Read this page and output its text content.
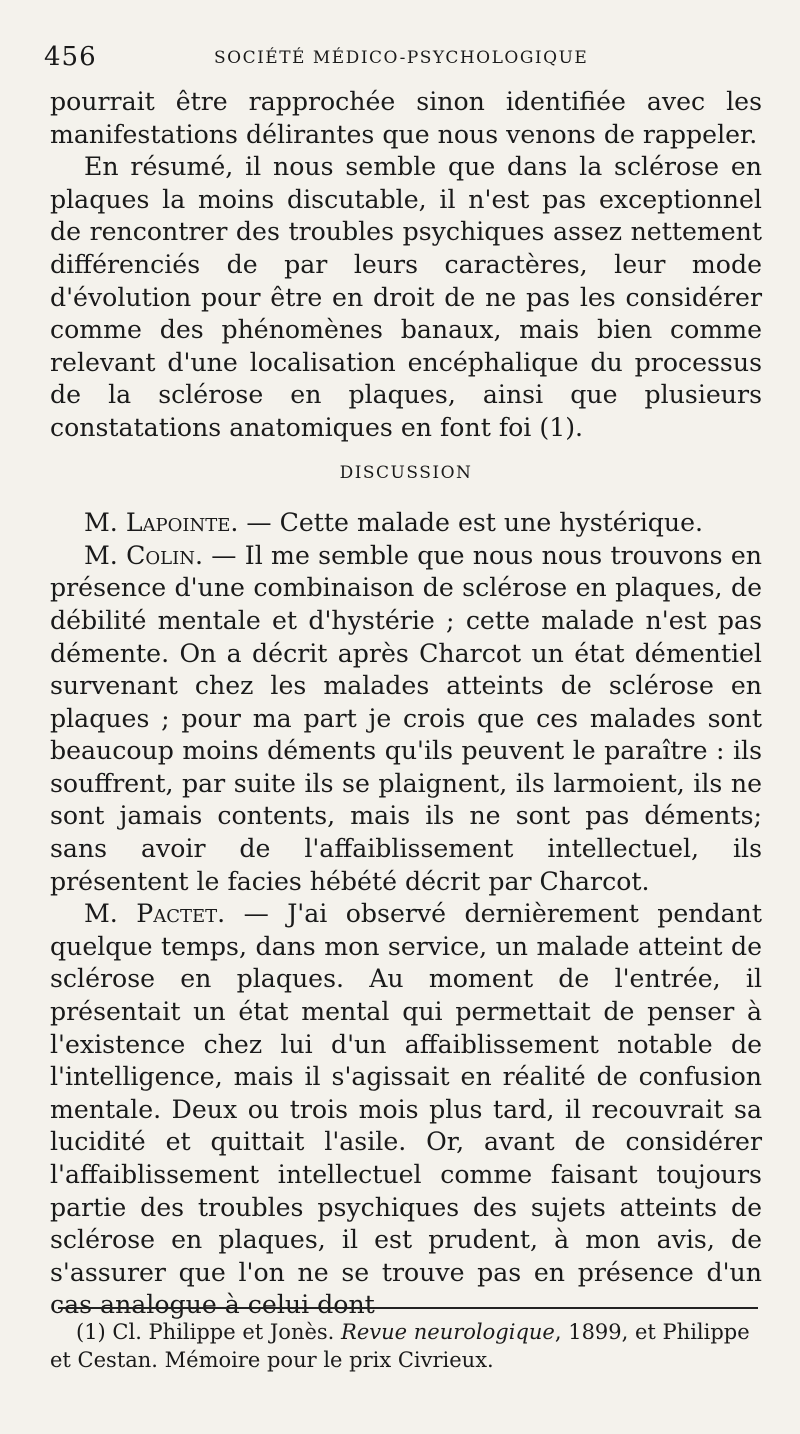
456	SOCIÉTÉ MÉDICO-PSYCHOLOGIQUE

pourrait être rapprochée sinon identifiée avec les manifestations délirantes que nous venons de rappeler.

En résumé, il nous semble que dans la sclérose en plaques la moins discutable, il n'est pas exceptionnel de rencontrer des troubles psychiques assez nettement différenciés de par leurs caractères, leur mode d'évolution pour être en droit de ne pas les considérer comme des phénomènes banaux, mais bien comme relevant d'une localisation encéphalique du processus de la sclérose en plaques, ainsi que plusieurs constatations anatomiques en font foi (1).

DISCUSSION

M. Lapointe. — Cette malade est une hystérique.

M. Colin. — Il me semble que nous nous trouvons en présence d'une combinaison de sclérose en plaques, de débilité mentale et d'hystérie ; cette malade n'est pas démente. On a décrit après Charcot un état démentiel survenant chez les malades atteints de sclérose en plaques ; pour ma part je crois que ces malades sont beaucoup moins déments qu'ils peuvent le paraître : ils souffrent, par suite ils se plaignent, ils larmoient, ils ne sont jamais contents, mais ils ne sont pas déments; sans avoir de l'affaiblissement intellectuel, ils présentent le facies hébété décrit par Charcot.

M. Pactet. — J'ai observé dernièrement pendant quelque temps, dans mon service, un malade atteint de sclérose en plaques. Au moment de l'entrée, il présentait un état mental qui permettait de penser à l'existence chez lui d'un affaiblissement notable de l'intelligence, mais il s'agissait en réalité de confusion mentale. Deux ou trois mois plus tard, il recouvrait sa lucidité et quittait l'asile. Or, avant de considérer l'affaiblissement intellectuel comme faisant toujours partie des troubles psychiques des sujets atteints de sclérose en plaques, il est prudent, à mon avis, de s'assurer que l'on ne se trouve pas en présence d'un cas analogue à celui dont

(1) Cl. Philippe et Jonès. Revue neurologique, 1899, et Philippe et Cestan. Mémoire pour le prix Civrieux.
